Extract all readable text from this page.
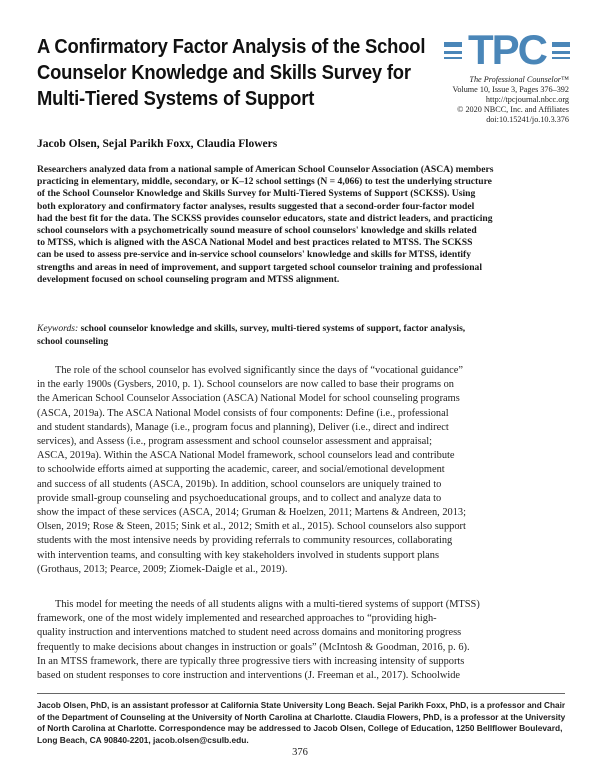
A Confirmatory Factor Analysis of the School
Counselor Knowledge and Skills Survey for
Multi-Tiered Systems of Support
TPC
The Professional Counselor™
Volume 10, Issue 3, Pages 376–392
http://tpcjournal.nbcc.org
© 2020 NBCC, Inc. and Affiliates
doi:10.15241/jo.10.3.376
Jacob Olsen, Sejal Parikh Foxx, Claudia Flowers
Researchers analyzed data from a national sample of American School Counselor Association (ASCA) members
practicing in elementary, middle, secondary, or K–12 school settings (N = 4,066) to test the underlying structure
of the School Counselor Knowledge and Skills Survey for Multi-Tiered Systems of Support (SCKSS). Using
both exploratory and confirmatory factor analyses, results suggested that a second-order four-factor model
had the best fit for the data. The SCKSS provides counselor educators, state and district leaders, and practicing
school counselors with a psychometrically sound measure of school counselors' knowledge and skills related
to MTSS, which is aligned with the ASCA National Model and best practices related to MTSS. The SCKSS
can be used to assess pre-service and in-service school counselors' knowledge and skills for MTSS, identify
strengths and areas in need of improvement, and support targeted school counselor training and professional
development focused on school counseling program and MTSS alignment.
Keywords: school counselor knowledge and skills, survey, multi-tiered systems of support, factor analysis,
school counseling
The role of the school counselor has evolved significantly since the days of “vocational guidance”
in the early 1900s (Gysbers, 2010, p. 1). School counselors are now called to base their programs on
the American School Counselor Association (ASCA) National Model for school counseling programs
(ASCA, 2019a). The ASCA National Model consists of four components: Define (i.e., professional
and student standards), Manage (i.e., program focus and planning), Deliver (i.e., direct and indirect
services), and Assess (i.e., program assessment and school counselor assessment and appraisal;
ASCA, 2019a). Within the ASCA National Model framework, school counselors lead and contribute
to schoolwide efforts aimed at supporting the academic, career, and social/emotional development
and success of all students (ASCA, 2019b). In addition, school counselors are uniquely trained to
provide small-group counseling and psychoeducational groups, and to collect and analyze data to
show the impact of these services (ASCA, 2014; Gruman & Hoelzen, 2011; Martens & Andreen, 2013;
Olsen, 2019; Rose & Steen, 2015; Sink et al., 2012; Smith et al., 2015). School counselors also support
students with the most intensive needs by providing referrals to community resources, collaborating
with intervention teams, and consulting with key stakeholders involved in students support plans
(Grothaus, 2013; Pearce, 2009; Ziomek-Daigle et al., 2019).
This model for meeting the needs of all students aligns with a multi-tiered systems of support (MTSS)
framework, one of the most widely implemented and researched approaches to “providing high-
quality instruction and interventions matched to student need across domains and monitoring progress
frequently to make decisions about changes in instruction or goals” (McIntosh & Goodman, 2016, p. 6).
In an MTSS framework, there are typically three progressive tiers with increasing intensity of supports
based on student responses to core instruction and interventions (J. Freeman et al., 2017). Schoolwide
Jacob Olsen, PhD, is an assistant professor at California State University Long Beach. Sejal Parikh Foxx, PhD, is a professor and Chair
of the Department of Counseling at the University of North Carolina at Charlotte. Claudia Flowers, PhD, is a professor at the University
of North Carolina at Charlotte. Correspondence may be addressed to Jacob Olsen, College of Education, 1250 Bellflower Boulevard,
Long Beach, CA 90840-2201, jacob.olsen@csulb.edu.
376
